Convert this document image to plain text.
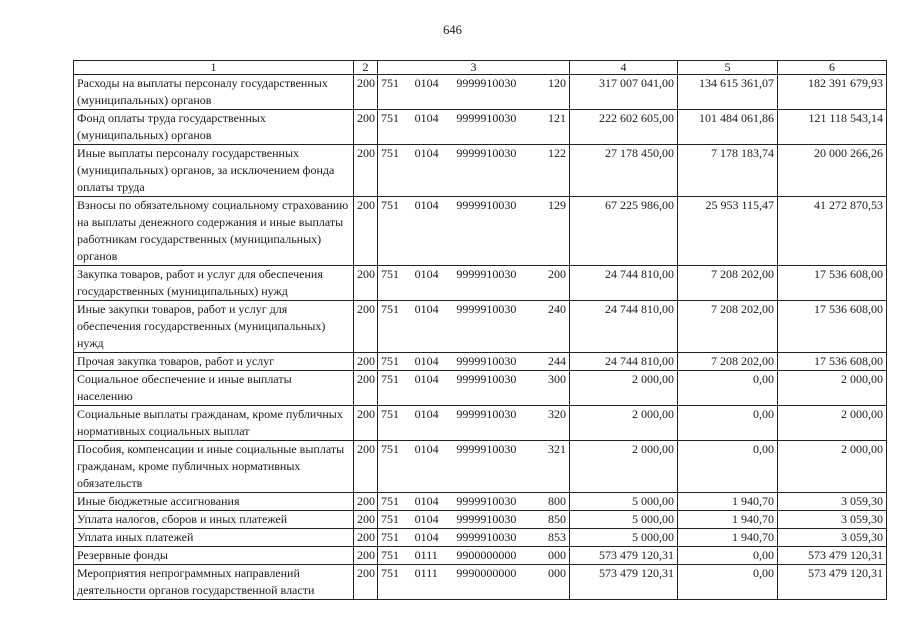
646
1	2	3	4	5	6
Расходы на выплаты персоналу государственных (муниципальных) органов	200	751 0104 9999910030 120	317 007 041,00	134 615 361,07	182 391 679,93
Фонд оплаты труда государственных (муниципальных) органов	200	751 0104 9999910030 121	222 602 605,00	101 484 061,86	121 118 543,14
Иные выплаты персоналу государственных (муниципальных) органов, за исключением фонда оплаты труда	200	751 0104 9999910030 122	27 178 450,00	7 178 183,74	20 000 266,26
Взносы по обязательному социальному страхованию на выплаты денежного содержания и иные выплаты работникам государственных (муниципальных) органов	200	751 0104 9999910030 129	67 225 986,00	25 953 115,47	41 272 870,53
Закупка товаров, работ и услуг для обеспечения государственных (муниципальных) нужд	200	751 0104 9999910030 200	24 744 810,00	7 208 202,00	17 536 608,00
Иные закупки товаров, работ и услуг для обеспечения государственных (муниципальных) нужд	200	751 0104 9999910030 240	24 744 810,00	7 208 202,00	17 536 608,00
Прочая закупка товаров, работ и услуг	200	751 0104 9999910030 244	24 744 810,00	7 208 202,00	17 536 608,00
Социальное обеспечение и иные выплаты населению	200	751 0104 9999910030 300	2 000,00	0,00	2 000,00
Социальные выплаты гражданам, кроме публичных нормативных социальных выплат	200	751 0104 9999910030 320	2 000,00	0,00	2 000,00
Пособия, компенсации и иные социальные выплаты гражданам, кроме публичных нормативных обязательств	200	751 0104 9999910030 321	2 000,00	0,00	2 000,00
Иные бюджетные ассигнования	200	751 0104 9999910030 800	5 000,00	1 940,70	3 059,30
Уплата налогов, сборов и иных платежей	200	751 0104 9999910030 850	5 000,00	1 940,70	3 059,30
Уплата иных платежей	200	751 0104 9999910030 853	5 000,00	1 940,70	3 059,30
Резервные фонды	200	751 0111 9900000000 000	573 479 120,31	0,00	573 479 120,31
Мероприятия непрограммных направлений деятельности органов государственной власти	200	751 0111 9990000000 000	573 479 120,31	0,00	573 479 120,31
